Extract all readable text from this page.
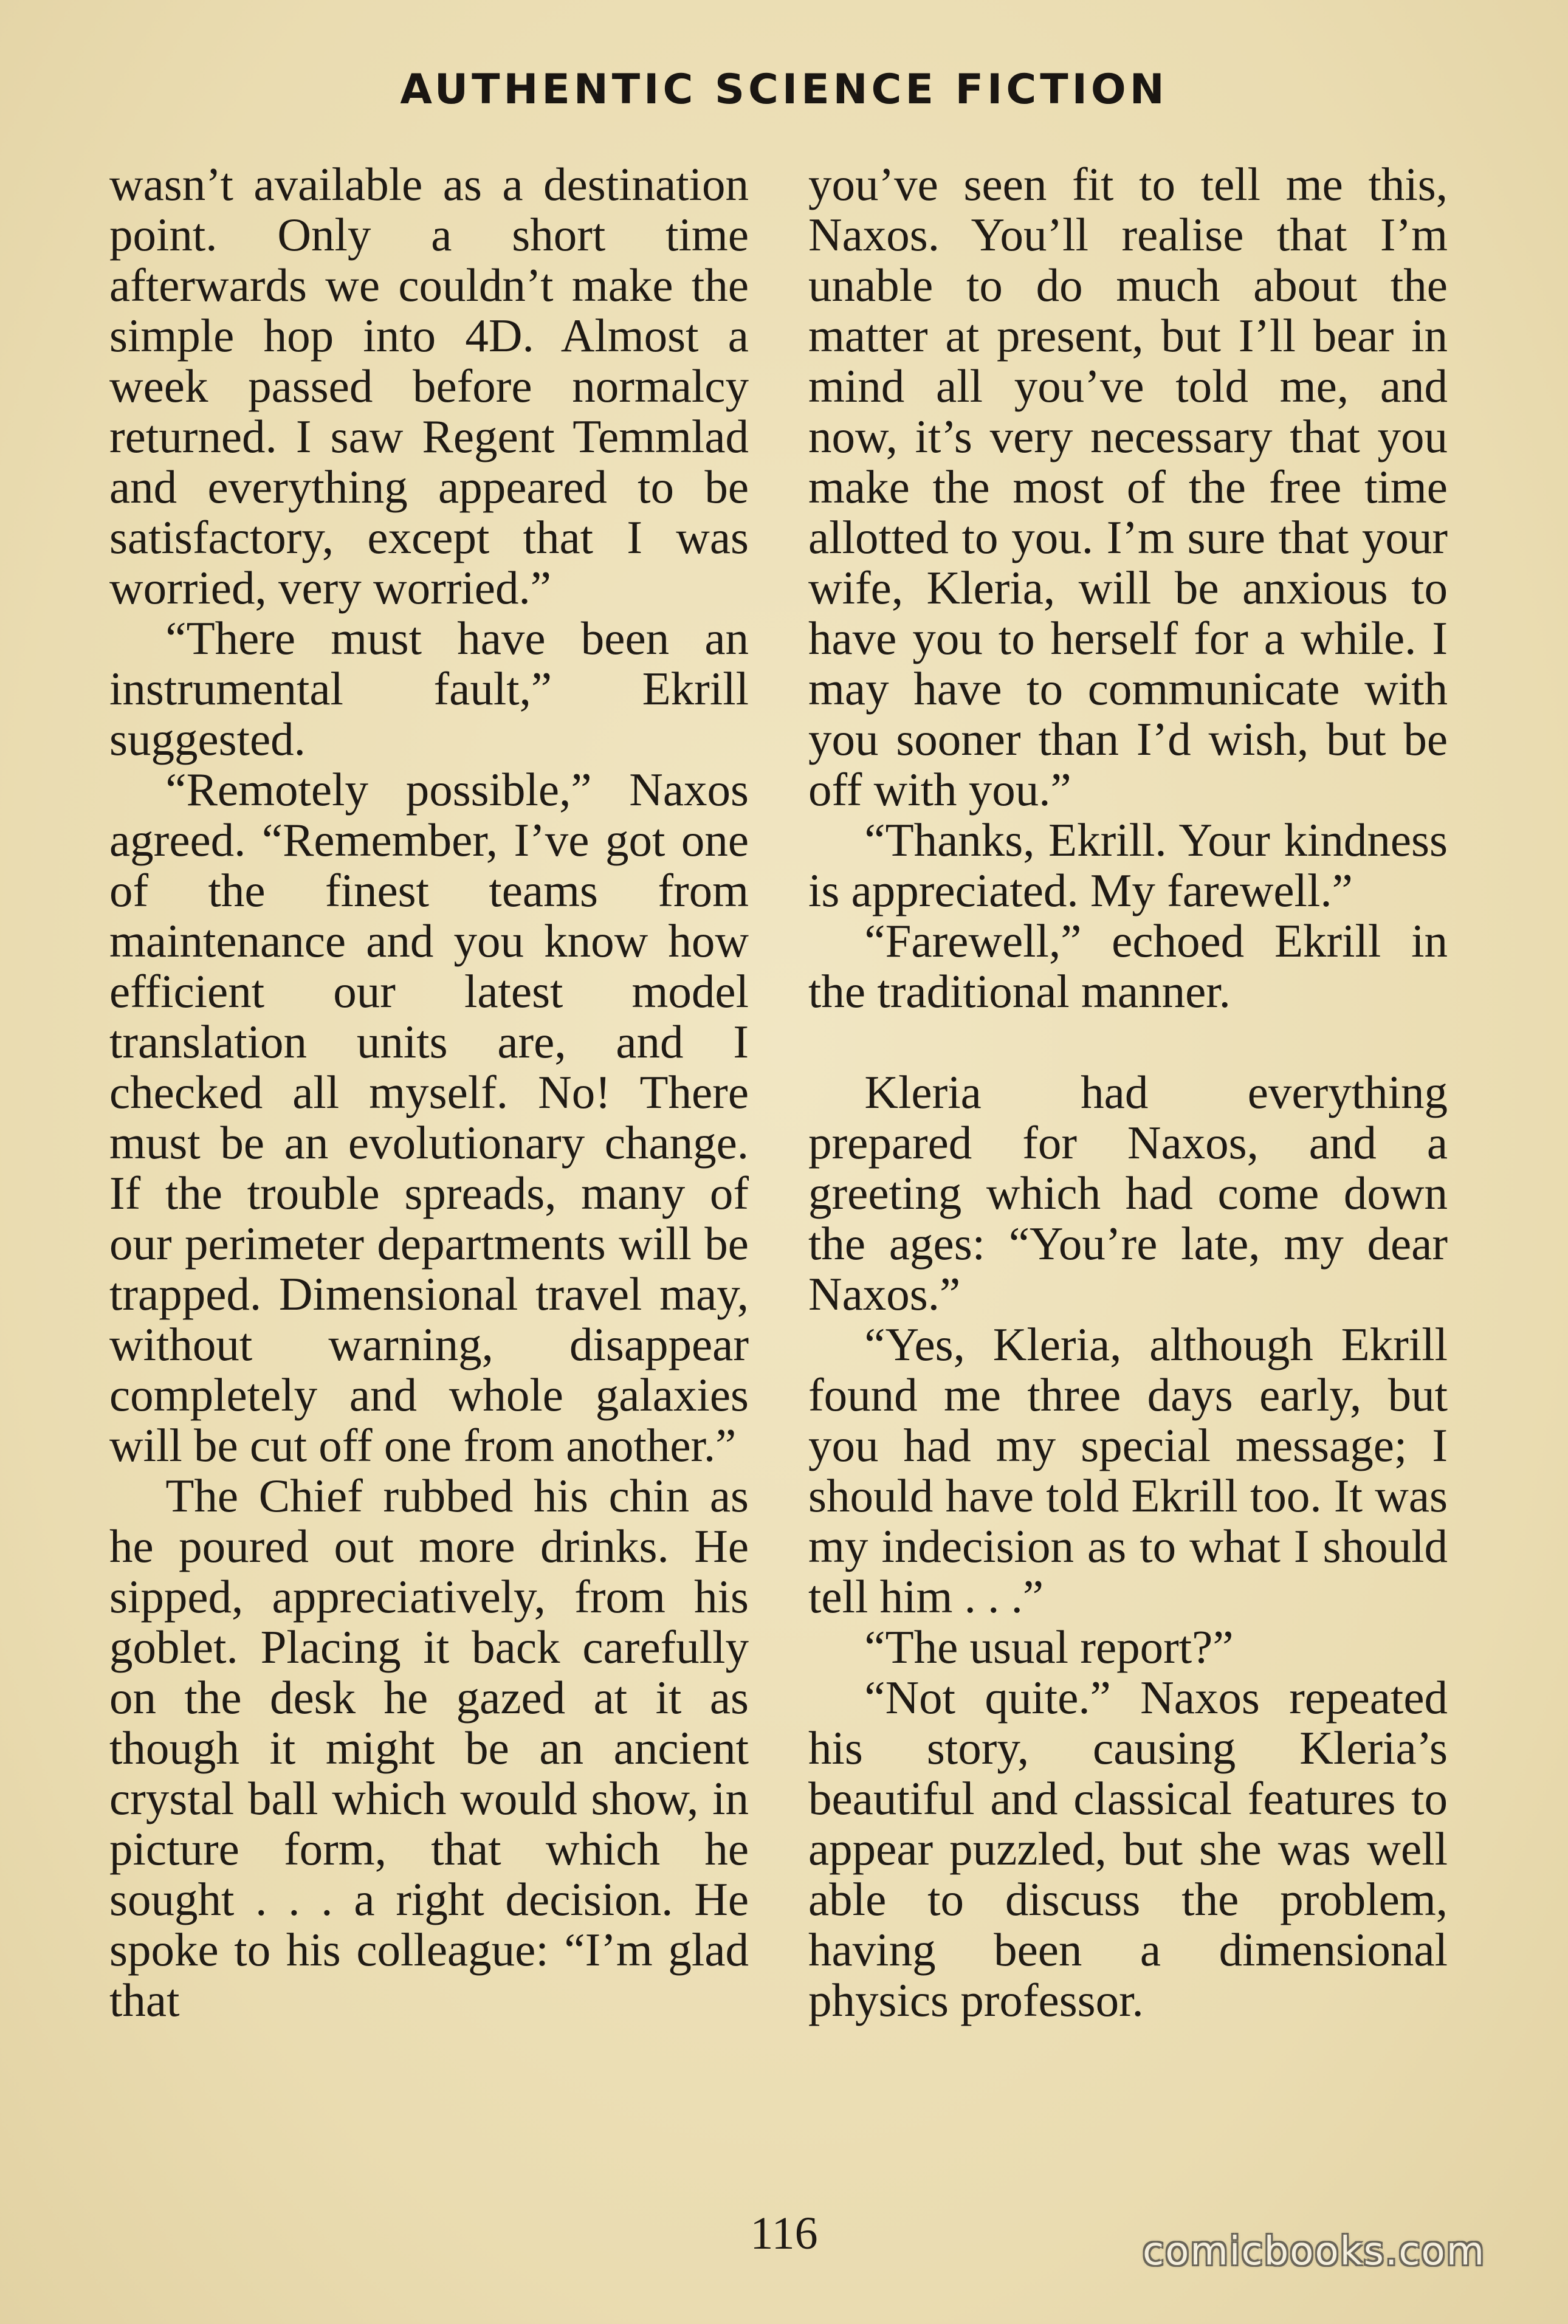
AUTHENTIC SCIENCE FICTION

wasn’t available as a destination point. Only a short time afterwards we couldn’t make the simple hop into 4D. Almost a week passed before normalcy returned. I saw Regent Temmlad and everything appeared to be satisfactory, except that I was worried, very worried.”

“There must have been an instrumental fault,” Ekrill suggested.

“Remotely possible,” Naxos agreed. “Remember, I’ve got one of the finest teams from maintenance and you know how efficient our latest model translation units are, and I checked all myself. No! There must be an evolutionary change. If the trouble spreads, many of our perimeter departments will be trapped. Dimensional travel may, without warning, disappear completely and whole galaxies will be cut off one from another.”

The Chief rubbed his chin as he poured out more drinks. He sipped, appreciatively, from his goblet. Placing it back carefully on the desk he gazed at it as though it might be an ancient crystal ball which would show, in picture form, that which he sought . . . a right decision. He spoke to his colleague: “I’m glad that

you’ve seen fit to tell me this, Naxos. You’ll realise that I’m unable to do much about the matter at present, but I’ll bear in mind all you’ve told me, and now, it’s very necessary that you make the most of the free time allotted to you. I’m sure that your wife, Kleria, will be anxious to have you to herself for a while. I may have to communicate with you sooner than I’d wish, but be off with you.”

“Thanks, Ekrill. Your kindness is appreciated. My farewell.”

“Farewell,” echoed Ekrill in the traditional manner.

Kleria had everything prepared for Naxos, and a greeting which had come down the ages: “You’re late, my dear Naxos.”

“Yes, Kleria, although Ekrill found me three days early, but you had my special message; I should have told Ekrill too. It was my indecision as to what I should tell him . . .”

“The usual report?”

“Not quite.” Naxos repeated his story, causing Kleria’s beautiful and classical features to appear puzzled, but she was well able to discuss the problem, having been a dimensional physics professor.

116	comicbooks.com
